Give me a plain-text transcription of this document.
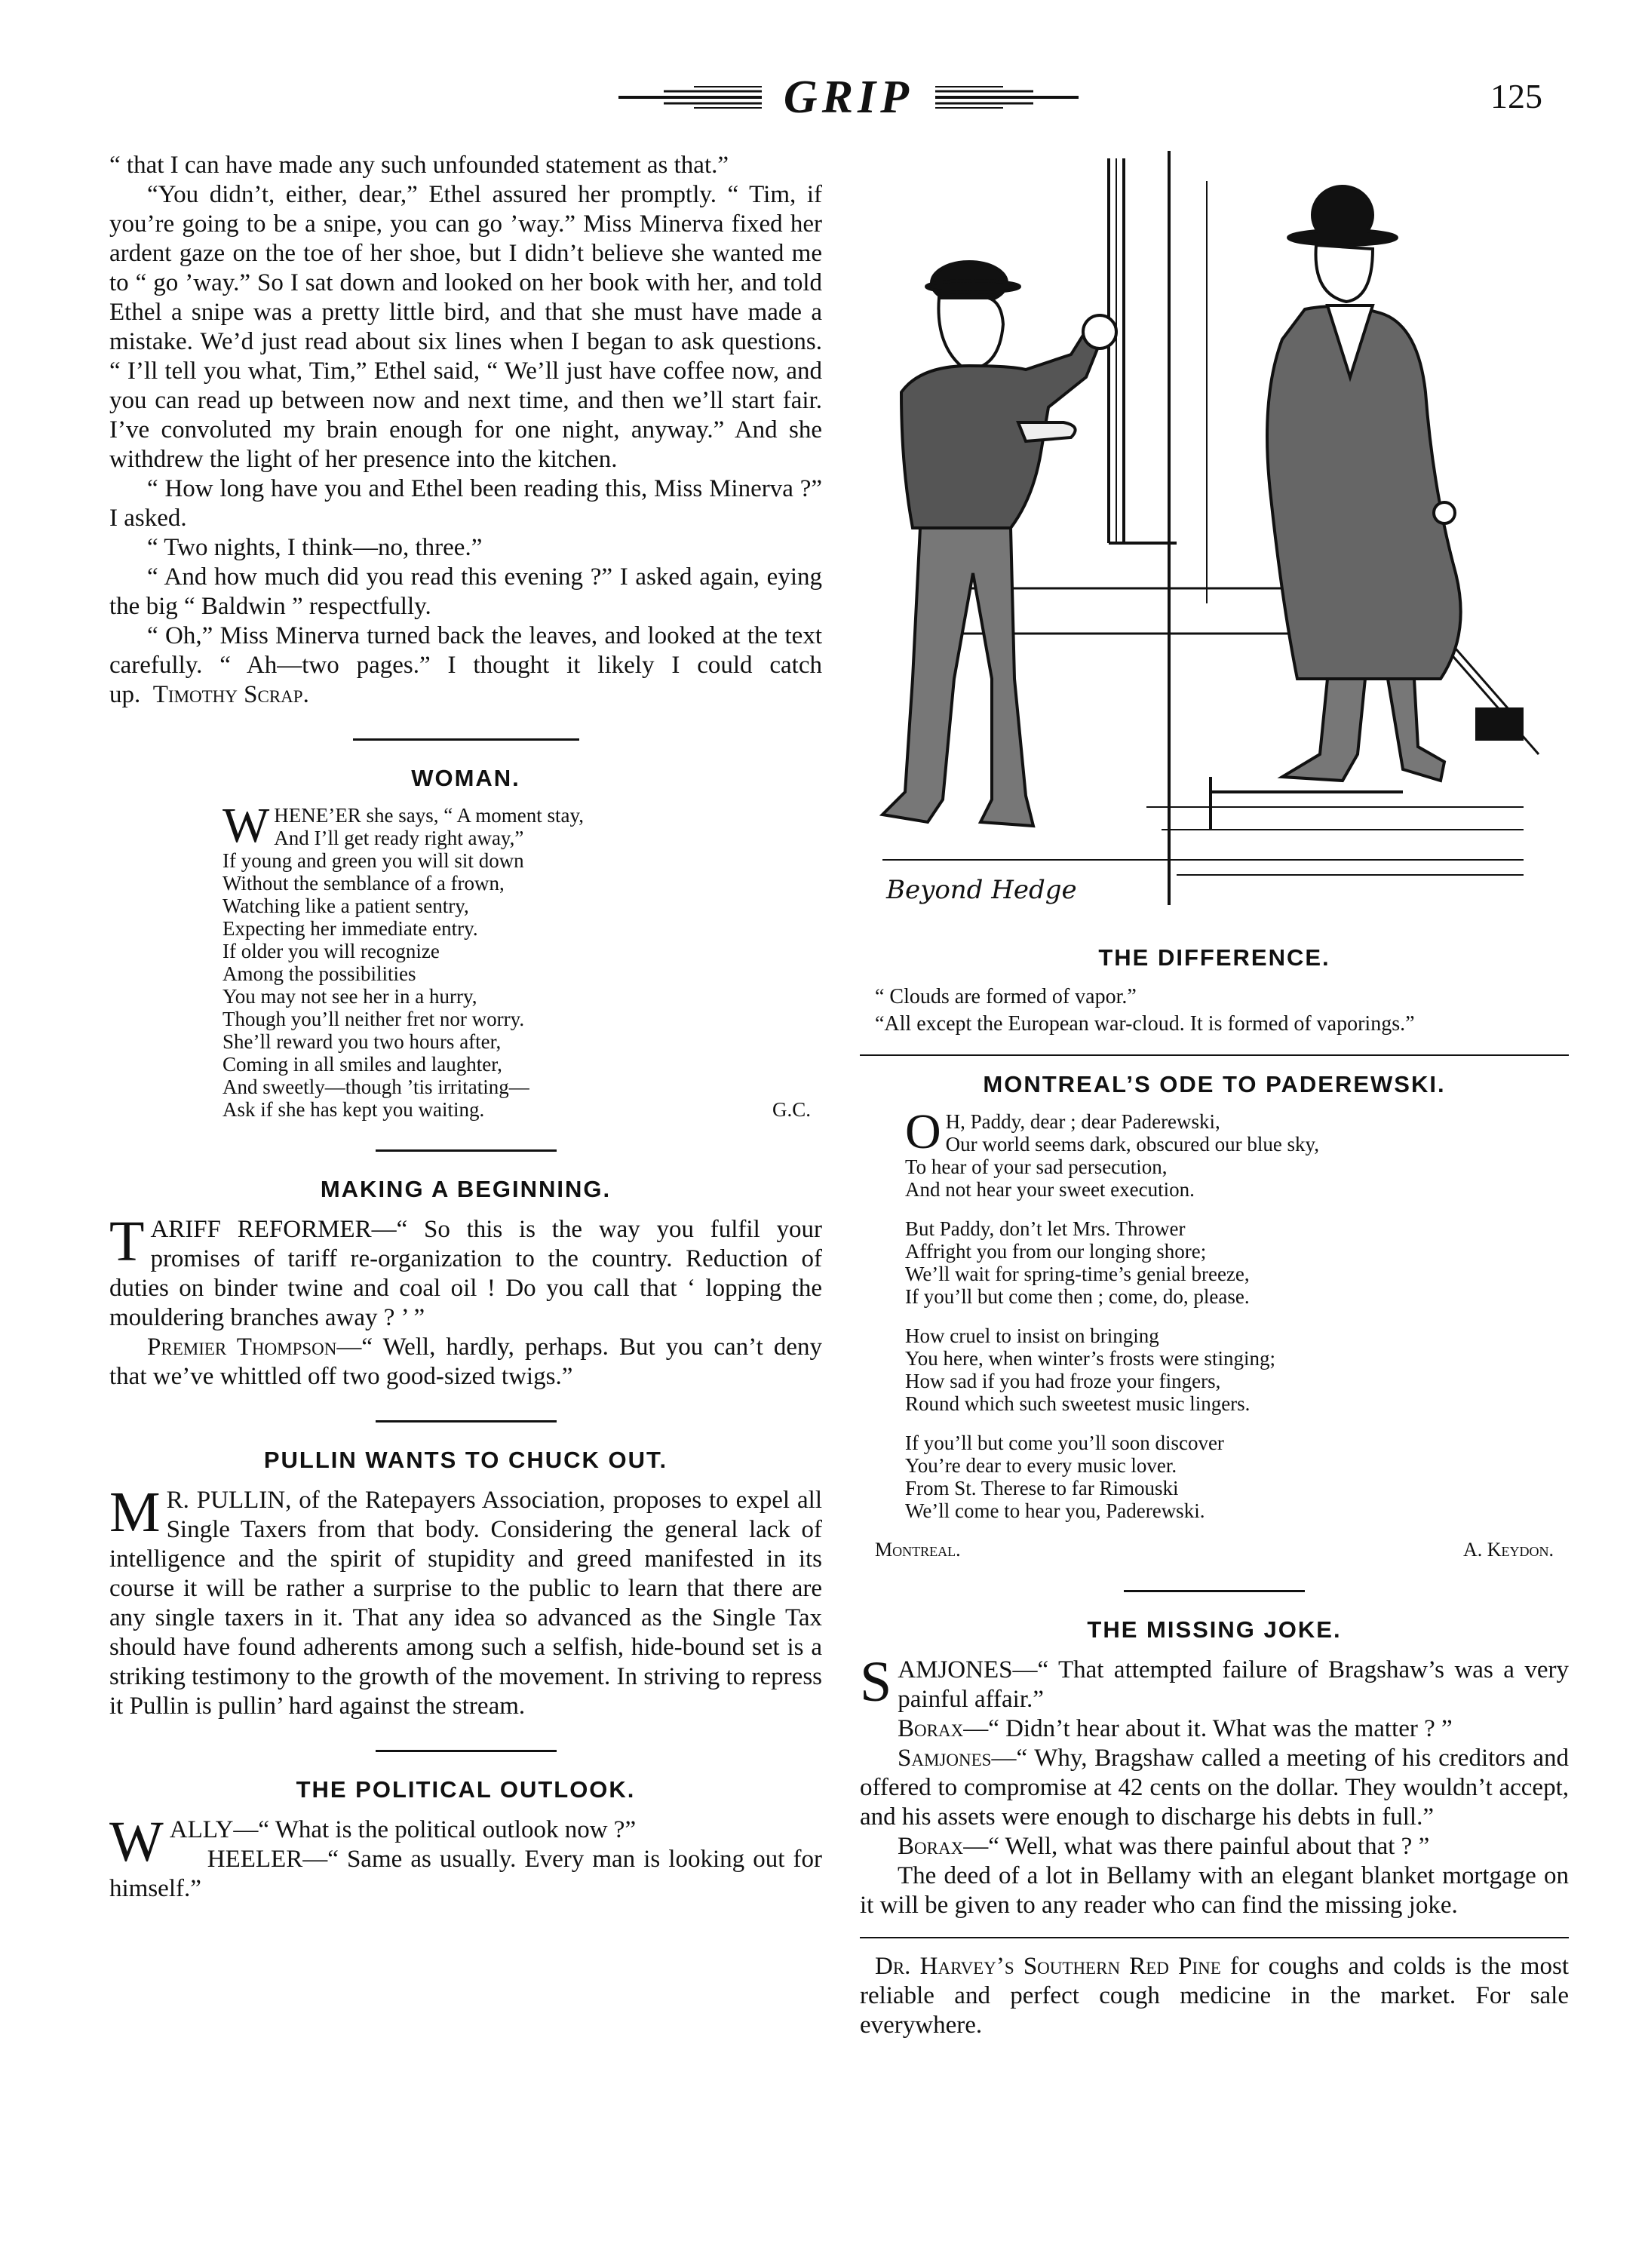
GRIP	125

“ that I can have made any such unfounded statement as that.”

“You didn’t, either, dear,” Ethel assured her promptly. “ Tim, if you’re going to be a snipe, you can go ’way.” Miss Minerva fixed her ardent gaze on the toe of her shoe, but I didn’t believe she wanted me to “ go ’way.” So I sat down and looked on her book with her, and told Ethel a snipe was a pretty little bird, and that she must have made a mistake. We’d just read about six lines when I began to ask questions. “ I’ll tell you what, Tim,” Ethel said, “ We’ll just have coffee now, and you can read up between now and next time, and then we’ll start fair. I’ve convoluted my brain enough for one night, anyway.” And she withdrew the light of her presence into the kitchen.

“ How long have you and Ethel been reading this, Miss Minerva ?” I asked.

“ Two nights, I think—no, three.”

“ And how much did you read this evening ?” I asked again, eying the big “ Baldwin ” respectfully.

“ Oh,” Miss Minerva turned back the leaves, and looked at the text carefully. “ Ah—two pages.” I thought it likely I could catch up. Timothy Scrap.

WOMAN.
W HENE’ER she says, “ A moment stay,
And I’ll get ready right away,”
If young and green you will sit down
Without the semblance of a frown,
Watching like a patient sentry,
Expecting her immediate entry.
If older you will recognize
Among the possibilities
You may not see her in a hurry,
Though you’ll neither fret nor worry.
She’ll reward you two hours after,
Coming in all smiles and laughter,
And sweetly—though ’tis irritating—
Ask if she has kept you waiting.	G.C.
MAKING A BEGINNING.

TARIFF REFORMER—“ So this is the way you fulfil your promises of tariff re-organization to the country. Reduction of duties on binder twine and coal oil ! Do you call that ‘ lopping the mouldering branches away ? ’ ”

Premier Thompson—“ Well, hardly, perhaps. But you can’t deny that we’ve whittled off two good-sized twigs.”

PULLIN WANTS TO CHUCK OUT.

M R. PULLIN, of the Ratepayers Association, proposes to expel all Single Taxers from that body. Considering the general lack of intelligence and the spirit of stupidity and greed manifested in its course it will be rather a surprise to the public to learn that there are any single taxers in it. That any idea so advanced as the Single Tax should have found adherents among such a selfish, hide-bound set is a striking testimony to the growth of the movement. In striving to repress it Pullin is pullin’ hard against the stream.

THE POLITICAL OUTLOOK.

WALLY—“ What is the political outlook now ?”

HEELER—“ Same as usually. Every man is looking out for himself.”

Beyond Hedge
THE DIFFERENCE.

“ Clouds are formed of vapor.”

“All except the European war-cloud. It is formed of vaporings.”

MONTREAL’S ODE TO PADEREWSKI.
O H, Paddy, dear ; dear Paderewski,
Our world seems dark, obscured our blue sky,
To hear of your sad persecution,
And not hear your sweet execution.
But Paddy, don’t let Mrs. Thrower
Affright you from our longing shore;
We’ll wait for spring-time’s genial breeze,
If you’ll but come then ; come, do, please.
How cruel to insist on bringing
You here, when winter’s frosts were stinging;
How sad if you had froze your fingers,
Round which such sweetest music lingers.
If you’ll but come you’ll soon discover
You’re dear to every music lover.
From St. Therese to far Rimouski
We’ll come to hear you, Paderewski.
Montreal.	A. Keydon.
THE MISSING JOKE.

SAMJONES—“ That attempted failure of Bragshaw’s was a very painful affair.”

Borax—“ Didn’t hear about it. What was the matter ? ”

Samjones—“ Why, Bragshaw called a meeting of his creditors and offered to compromise at 42 cents on the dollar. They wouldn’t accept, and his assets were enough to discharge his debts in full.”

Borax—“ Well, what was there painful about that ? ”

The deed of a lot in Bellamy with an elegant blanket mortgage on it will be given to any reader who can find the missing joke.

Dr. Harvey’s Southern Red Pine for coughs and colds is the most reliable and perfect cough medicine in the market. For sale everywhere.
